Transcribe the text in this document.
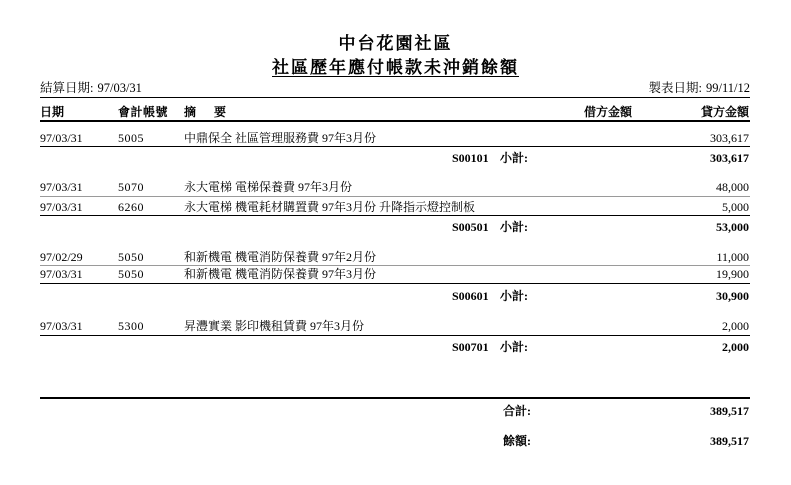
中台花園社區
社區歷年應付帳款未沖銷餘額
結算日期: 97/03/31	製表日期: 99/11/12
日期	會計帳號 摘　要	借方金額	貸方金額
97/03/31	5005	中鼎保全 社區管理服務費 97年3月份	303,617
S00101 小計:	303,617
97/03/31	5070	永大電梯 電梯保養費 97年3月份	48,000
97/03/31	6260	永大電梯 機電耗材購置費 97年3月份 升降指示燈控制板	5,000
S00501 小計:	53,000
97/02/29	5050	和新機電 機電消防保養費 97年2月份	11,000
97/03/31	5050	和新機電 機電消防保養費 97年3月份	19,900
S00601 小計:	30,900
97/03/31	5300	昇灃實業 影印機租賃費 97年3月份	2,000
S00701 小計:	2,000
合計:	389,517
餘額:	389,517
